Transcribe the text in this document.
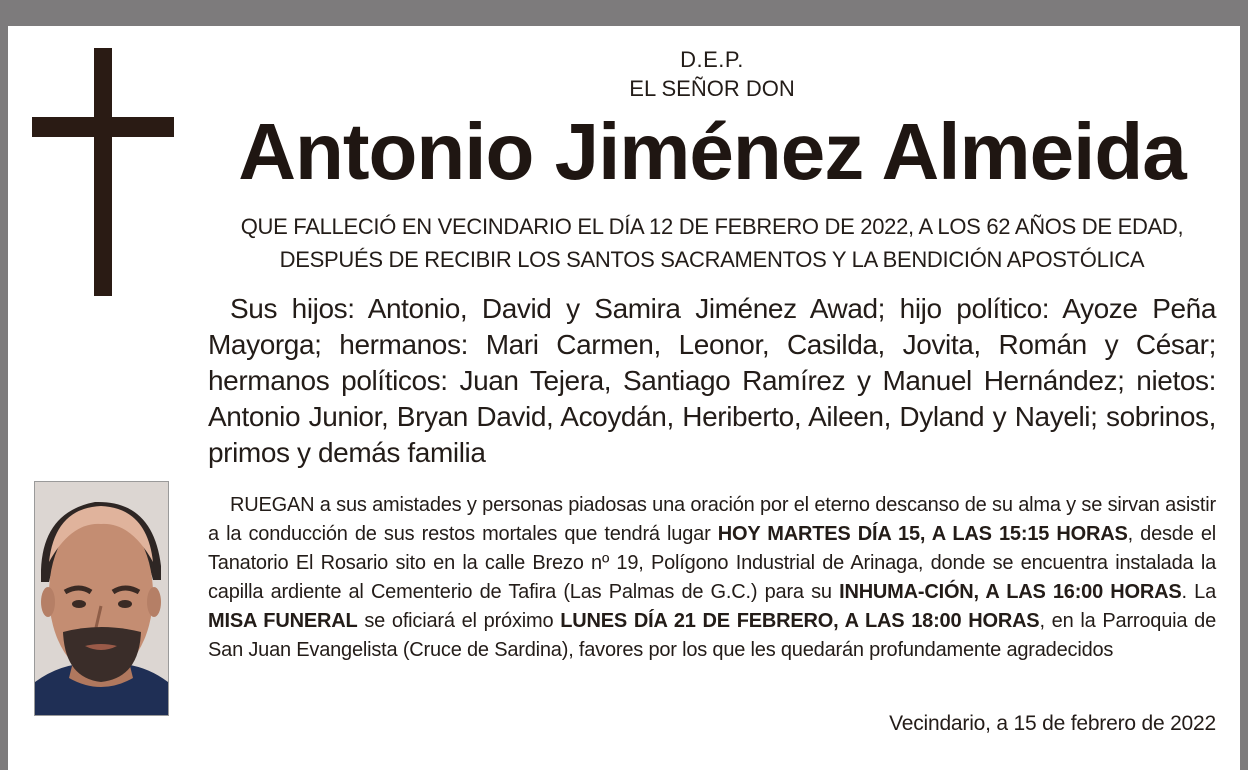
D.E.P.
EL SEÑOR DON
Antonio Jiménez Almeida
QUE FALLECIÓ EN VECINDARIO EL DÍA 12 DE FEBRERO DE 2022, A LOS 62 AÑOS DE EDAD,
DESPUÉS DE RECIBIR LOS SANTOS SACRAMENTOS Y LA BENDICIÓN APOSTÓLICA
Sus hijos: Antonio, David y Samira Jiménez Awad; hijo político: Ayoze Peña Mayorga; hermanos: Mari Carmen, Leonor, Casilda, Jovita, Román y César; hermanos políticos: Juan Tejera, Santiago Ramírez y Manuel Hernández; nietos: Antonio Junior, Bryan David, Acoydán, Heriberto, Aileen, Dyland y Nayeli; sobrinos, primos y demás familia
RUEGAN a sus amistades y personas piadosas una oración por el eterno descanso de su alma y se sirvan asistir a la conducción de sus restos mortales que tendrá lugar HOY MARTES DÍA 15, A LAS 15:15 HORAS, desde el Tanatorio El Rosario sito en la calle Brezo nº 19, Polígono Industrial de Arinaga, donde se encuentra instalada la capilla ardiente al Cementerio de Tafira (Las Palmas de G.C.) para su INHUMA-CIÓN, A LAS 16:00 HORAS. La MISA FUNERAL se oficiará el próximo LUNES DÍA 21 DE FEBRERO, A LAS 18:00 HORAS, en la Parroquia de San Juan Evangelista (Cruce de Sardina), favores por los que les quedarán profundamente agradecidos
Vecindario, a 15 de febrero de 2022
